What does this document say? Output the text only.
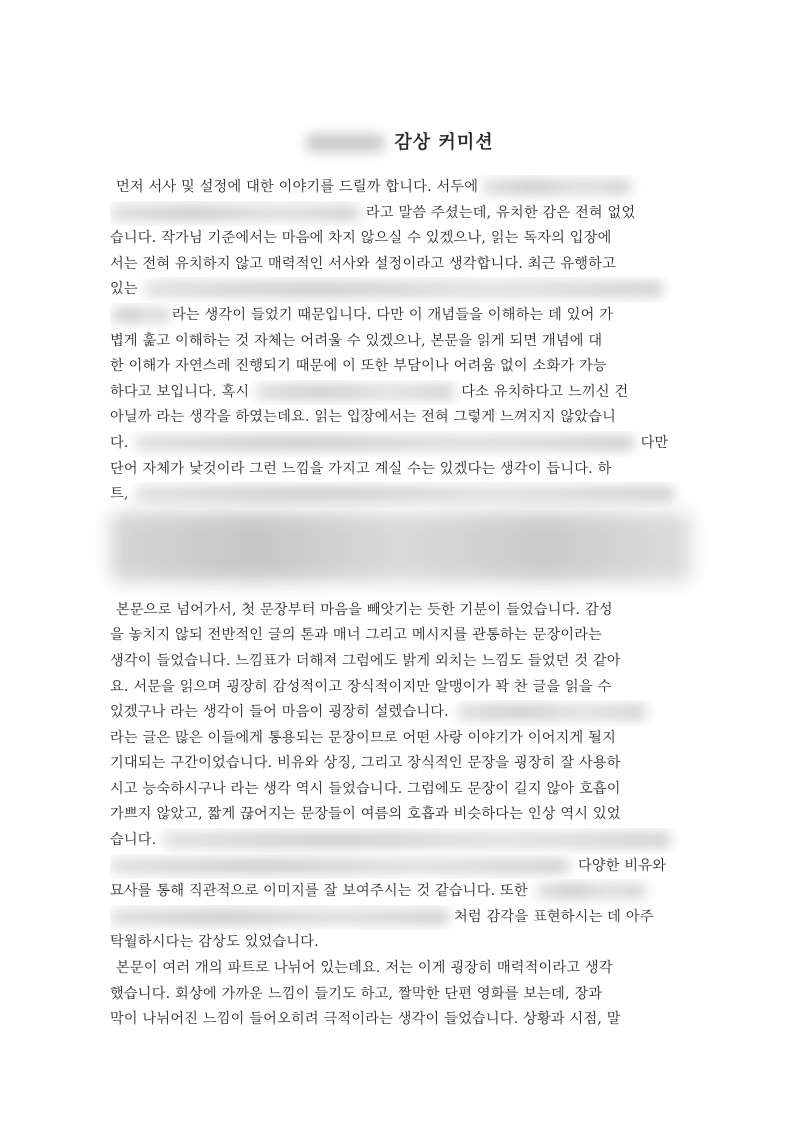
감상 커미션
먼저 서사 및 설정에 대한 이야기를 드릴까 합니다. 서두에
라고 말씀 주셨는데, 유치한 감은 전혀 없었
습니다. 작가님 기준에서는 마음에 차지 않으실 수 있겠으나, 읽는 독자의 입장에
서는 전혀 유치하지 않고 매력적인 서사와 설정이라고 생각합니다. 최근 유행하고
있는
라는 생각이 들었기 때문입니다. 다만 이 개념들을 이해하는 데 있어 가
볍게 훑고 이해하는 것 자체는 어려울 수 있겠으나, 본문을 읽게 되면 개념에 대
한 이해가 자연스레 진행되기 때문에 이 또한 부담이나 어려움 없이 소화가 가능
하다고 보입니다. 혹시	다소 유치하다고 느끼신 건
아닐까 라는 생각을 하였는데요. 읽는 입장에서는 전혀 그렇게 느껴지지 않았습니
다.	다만
단어 자체가 낯것이라 그런 느낌을 가지고 계실 수는 있겠다는 생각이 듭니다. 하
트,
본문으로 넘어가서, 첫 문장부터 마음을 빼앗기는 듯한 기분이 들었습니다. 감성
을 놓치지 않되 전반적인 글의 톤과 매너 그리고 메시지를 관통하는 문장이라는
생각이 들었습니다. 느낌표가 더해져 그럼에도 밝게 외치는 느낌도 들었던 것 같아
요. 서문을 읽으며 굉장히 감성적이고 장식적이지만 알맹이가 꽉 찬 글을 읽을 수
있겠구나 라는 생각이 들어 마음이 굉장히 설렜습니다.
라는 글은 많은 이들에게 통용되는 문장이므로 어떤 사랑 이야기가 이어지게 될지
기대되는 구간이었습니다. 비유와 상징, 그리고 장식적인 문장을 굉장히 잘 사용하
시고 능숙하시구나 라는 생각 역시 들었습니다. 그럼에도 문장이 길지 않아 호흡이
가쁘지 않았고, 짧게 끊어지는 문장들이 여름의 호흡과 비슷하다는 인상 역시 있었
습니다.
다양한 비유와
묘사를 통해 직관적으로 이미지를 잘 보여주시는 것 같습니다. 또한
처럼 감각을 표현하시는 데 아주
탁월하시다는 감상도 있었습니다.
본문이 여러 개의 파트로 나뉘어 있는데요. 저는 이게 굉장히 매력적이라고 생각
했습니다. 회상에 가까운 느낌이 들기도 하고, 짤막한 단편 영화를 보는데, 장과
막이 나뉘어진 느낌이 들어오히려 극적이라는 생각이 들었습니다. 상황과 시점, 말
